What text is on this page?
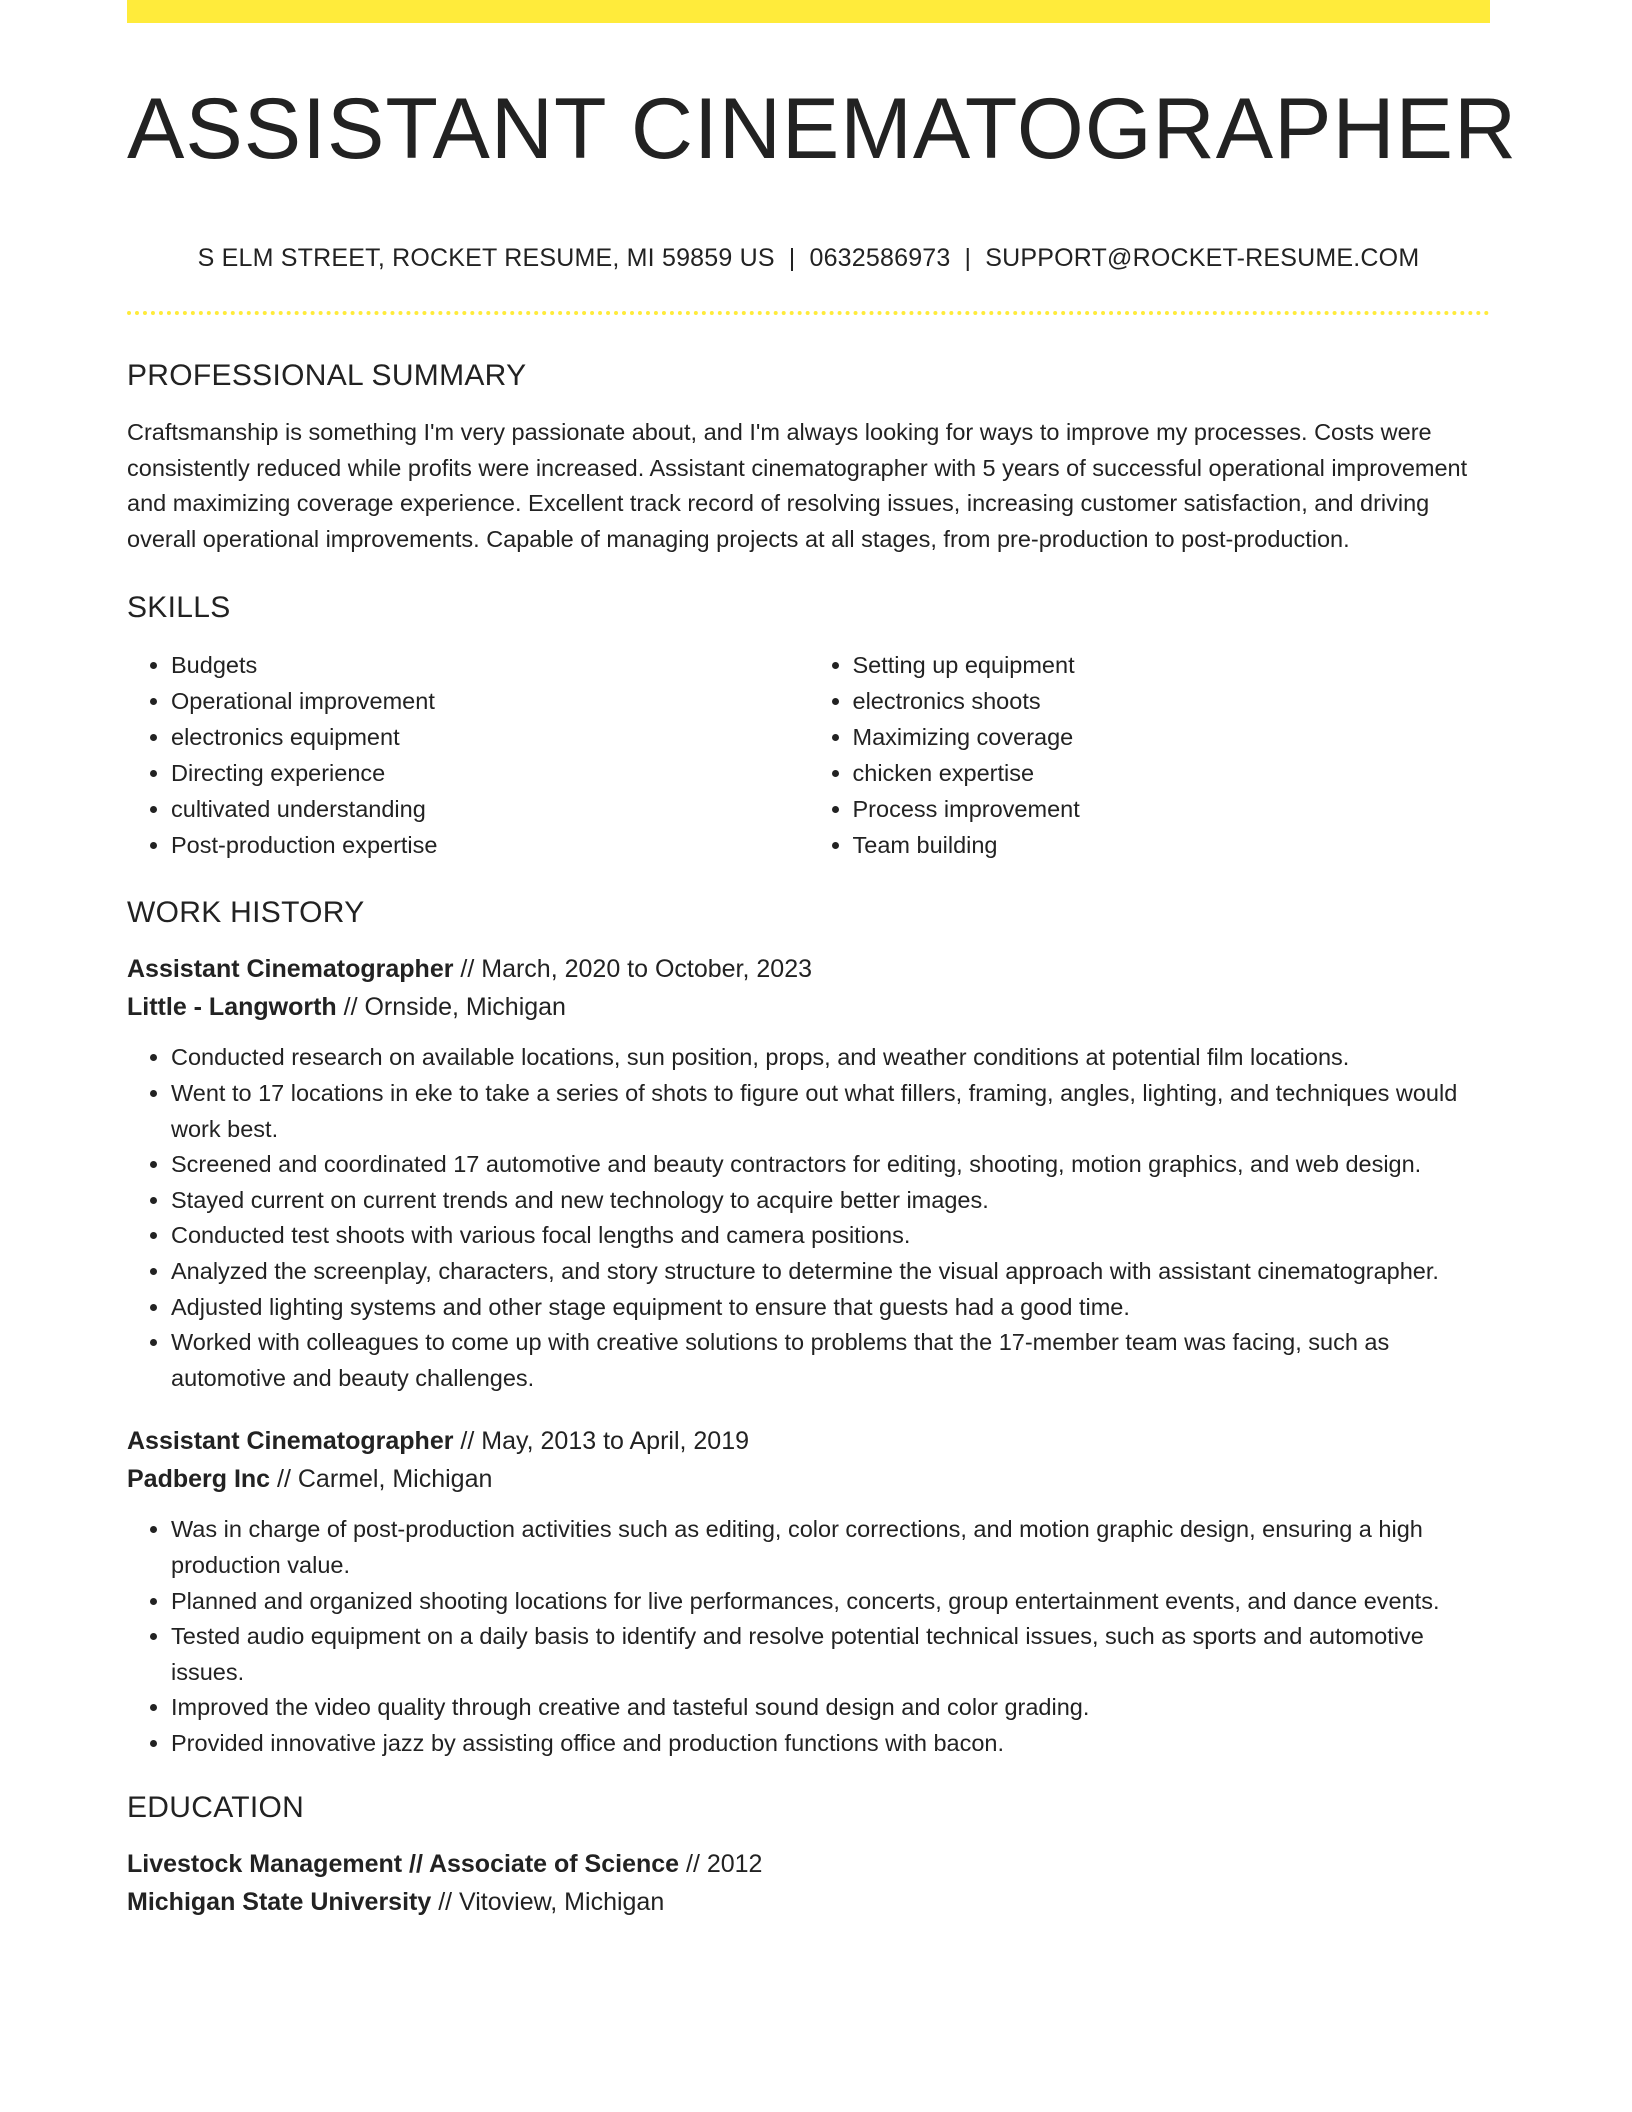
ASSISTANT CINEMATOGRAPHER
S ELM STREET, ROCKET RESUME, MI 59859 US | 0632586973 | SUPPORT@ROCKET-RESUME.COM
PROFESSIONAL SUMMARY
Craftsmanship is something I'm very passionate about, and I'm always looking for ways to improve my processes. Costs were consistently reduced while profits were increased. Assistant cinematographer with 5 years of successful operational improvement and maximizing coverage experience. Excellent track record of resolving issues, increasing customer satisfaction, and driving overall operational improvements. Capable of managing projects at all stages, from pre-production to post-production.
SKILLS
• Budgets
• Operational improvement
• electronics equipment
• Directing experience
• cultivated understanding
• Post-production expertise
• Setting up equipment
• electronics shoots
• Maximizing coverage
• chicken expertise
• Process improvement
• Team building
WORK HISTORY
Assistant Cinematographer // March, 2020 to October, 2023
Little - Langworth // Ornside, Michigan
• Conducted research on available locations, sun position, props, and weather conditions at potential film locations.
• Went to 17 locations in eke to take a series of shots to figure out what fillers, framing, angles, lighting, and techniques would work best.
• Screened and coordinated 17 automotive and beauty contractors for editing, shooting, motion graphics, and web design.
• Stayed current on current trends and new technology to acquire better images.
• Conducted test shoots with various focal lengths and camera positions.
• Analyzed the screenplay, characters, and story structure to determine the visual approach with assistant cinematographer.
• Adjusted lighting systems and other stage equipment to ensure that guests had a good time.
• Worked with colleagues to come up with creative solutions to problems that the 17-member team was facing, such as automotive and beauty challenges.
Assistant Cinematographer // May, 2013 to April, 2019
Padberg Inc // Carmel, Michigan
• Was in charge of post-production activities such as editing, color corrections, and motion graphic design, ensuring a high production value.
• Planned and organized shooting locations for live performances, concerts, group entertainment events, and dance events.
• Tested audio equipment on a daily basis to identify and resolve potential technical issues, such as sports and automotive issues.
• Improved the video quality through creative and tasteful sound design and color grading.
• Provided innovative jazz by assisting office and production functions with bacon.
EDUCATION
Livestock Management // Associate of Science // 2012
Michigan State University // Vitoview, Michigan
